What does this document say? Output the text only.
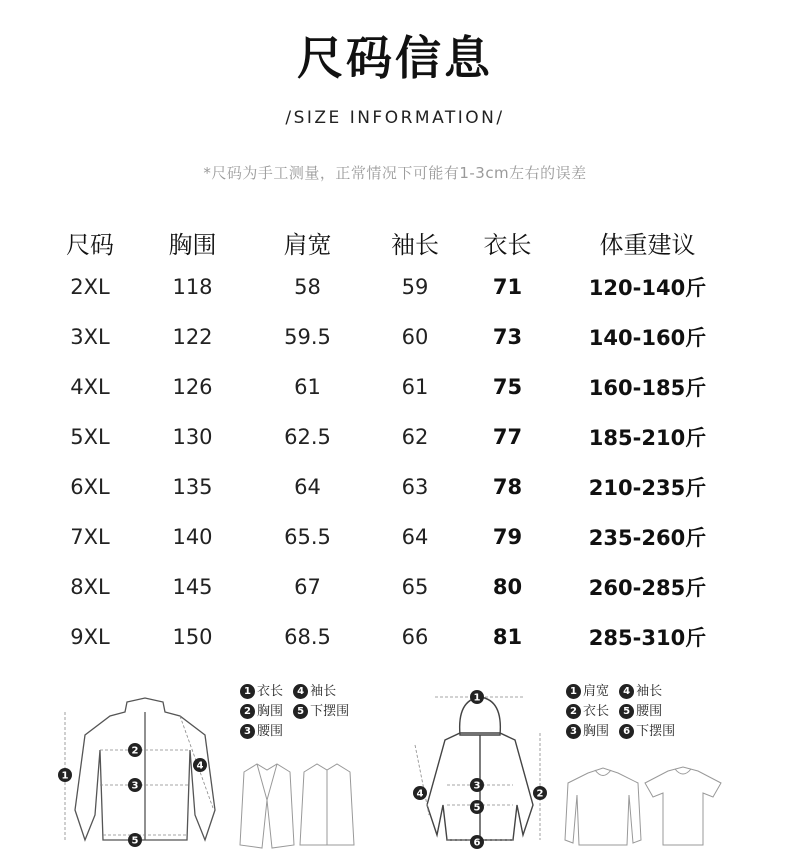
尺码信息
/SIZE INFORMATION/
*尺码为手工测量，正常情况下可能有1-3cm左右的误差
尺码	胸围	肩宽	袖长	衣长	体重建议
2XL	118	58	59	71	120-140斤
3XL	122	59.5	60	73	140-160斤
4XL	126	61	61	75	160-185斤
5XL	130	62.5	62	77	185-210斤
6XL	135	64	63	78	210-235斤
7XL	140	65.5	64	79	235-260斤
8XL	145	67	65	80	260-285斤
9XL	150	68.5	66	81	285-310斤
1
2
3
4
5
1 衣长 4 袖长
2 胸围 5 下摆围
3 腰围
1
2
3
4
5
6
1 肩宽 4 袖长
2 衣长 5 腰围
3 胸围 6 下摆围
